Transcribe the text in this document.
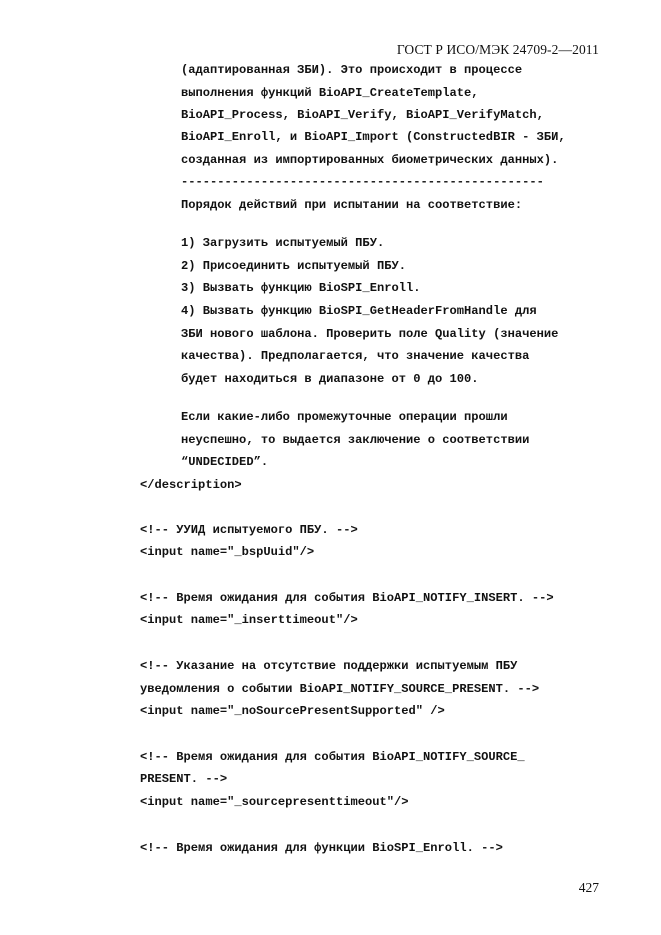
ГОСТ Р ИСО/МЭК 24709-2—2011
(адаптированная ЗБИ). Это происходит в процессе
выполнения функций BioAPI_CreateTemplate,
BioAPI_Process, BioAPI_Verify, BioAPI_VerifyMatch,
BioAPI_Enroll, и BioAPI_Import (ConstructedBIR - ЗБИ,
созданная из импортированных биометрических данных).
--------------------------------------------------
Порядок действий при испытании на соответствие:
1) Загрузить испытуемый ПБУ.
2) Присоединить испытуемый ПБУ.
3) Вызвать функцию BioSPI_Enroll.
4) Вызвать функцию BioSPI_GetHeaderFromHandle для
ЗБИ нового шаблона. Проверить поле Quality (значение
качества). Предполагается, что значение качества
будет находиться в диапазоне от 0 до 100.
Если какие-либо промежуточные операции прошли
неуспешно, то выдается заключение о соответствии
“UNDECIDED”.
</description>
<!-- УУИД испытуемого ПБУ. -->
<input name="_bspUuid"/>
<!-- Время ожидания для события BioAPI_NOTIFY_INSERT. -->
<input name="_inserttimeout"/>
<!-- Указание на отсутствие поддержки испытуемым ПБУ
уведомления о событии BioAPI_NOTIFY_SOURCE_PRESENT. -->
<input name="_noSourcePresentSupported" />
<!-- Время ожидания для события BioAPI_NOTIFY_SOURCE_
PRESENT. -->
<input name="_sourcepresenttimeout"/>
<!-- Время ожидания для функции BioSPI_Enroll. -->
427
